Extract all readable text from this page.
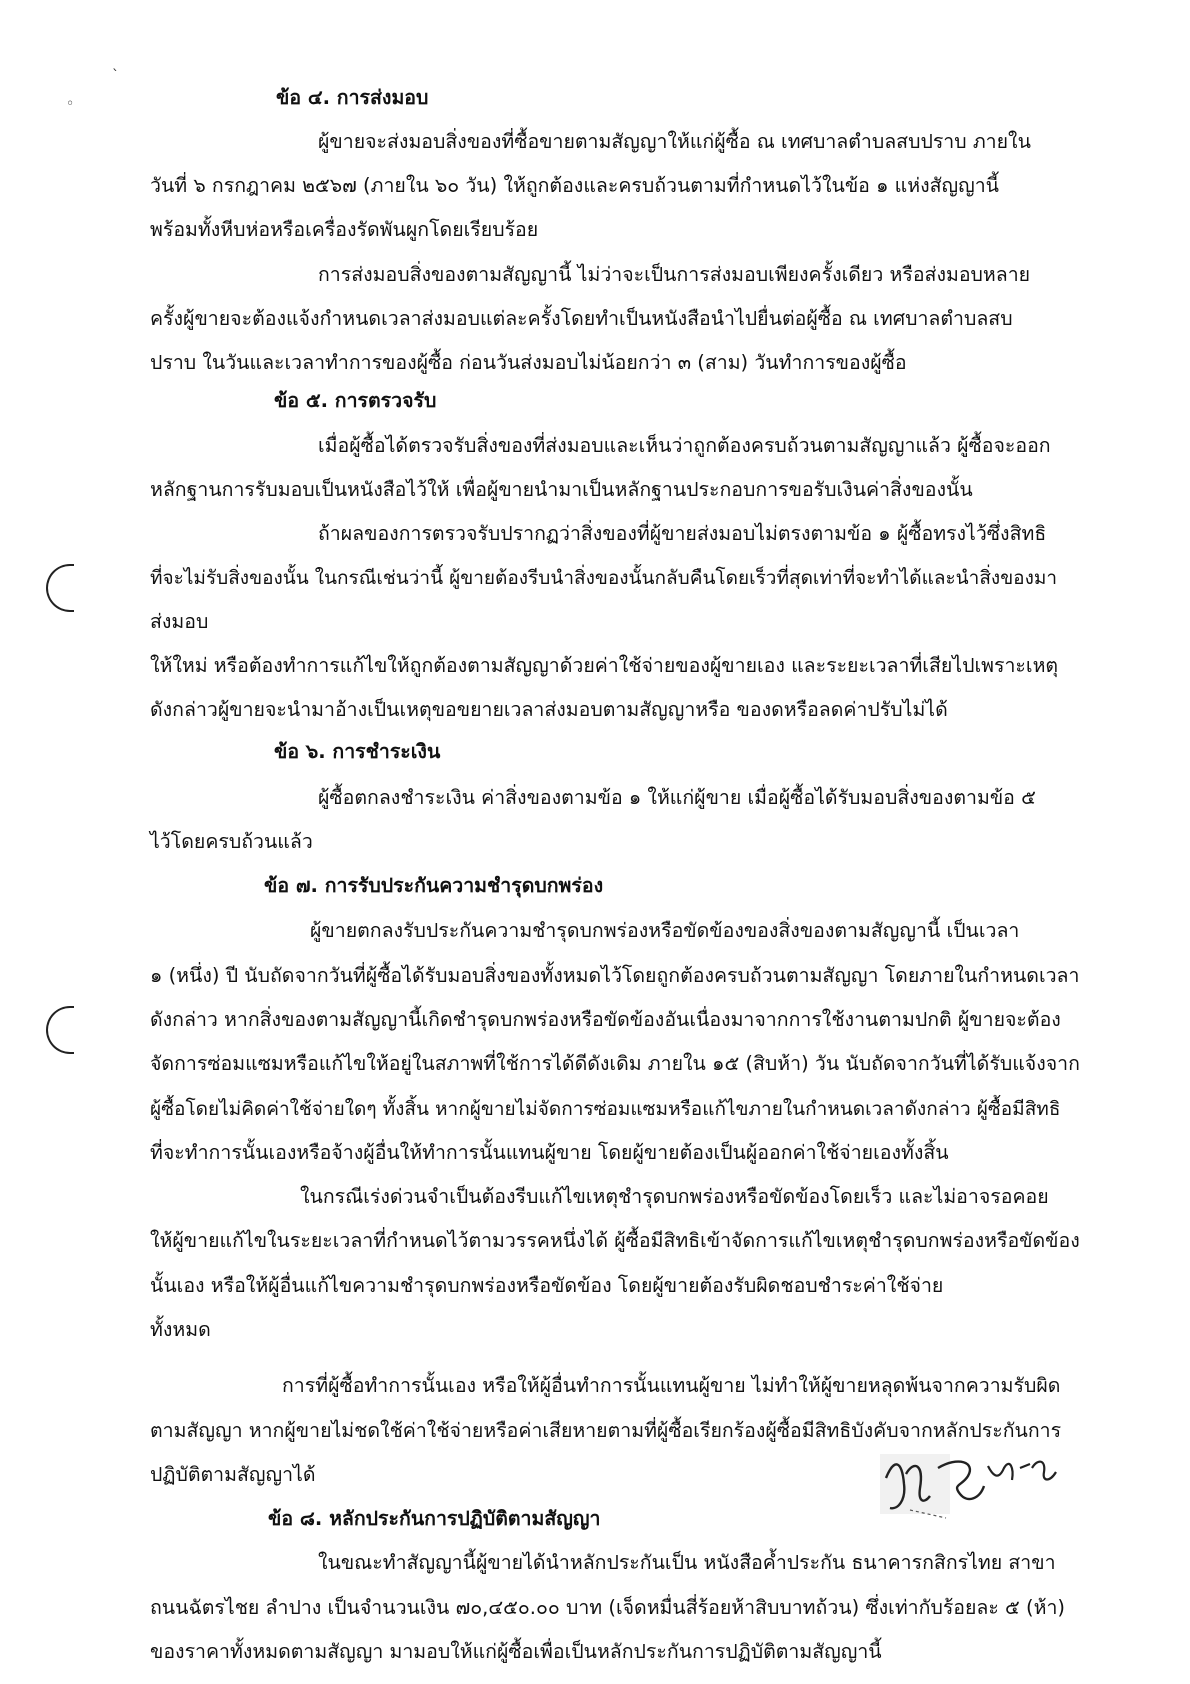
◦
ˋ
ข้อ ๔. การส่งมอบ
ผู้ขายจะส่งมอบสิ่งของที่ซื้อขายตามสัญญาให้แก่ผู้ซื้อ ณ เทศบาลตำบลสบปราบ ภายใน
วันที่ ๖ กรกฎาคม ๒๕๖๗ (ภายใน ๖๐ วัน) ให้ถูกต้องและครบถ้วนตามที่กำหนดไว้ในข้อ ๑ แห่งสัญญานี้
พร้อมทั้งหีบห่อหรือเครื่องรัดพันผูกโดยเรียบร้อย
การส่งมอบสิ่งของตามสัญญานี้ ไม่ว่าจะเป็นการส่งมอบเพียงครั้งเดียว หรือส่งมอบหลาย
ครั้งผู้ขายจะต้องแจ้งกำหนดเวลาส่งมอบแต่ละครั้งโดยทำเป็นหนังสือนำไปยื่นต่อผู้ซื้อ ณ เทศบาลตำบลสบ
ปราบ ในวันและเวลาทำการของผู้ซื้อ ก่อนวันส่งมอบไม่น้อยกว่า ๓ (สาม) วันทำการของผู้ซื้อ
ข้อ ๕. การตรวจรับ
เมื่อผู้ซื้อได้ตรวจรับสิ่งของที่ส่งมอบและเห็นว่าถูกต้องครบถ้วนตามสัญญาแล้ว ผู้ซื้อจะออก
หลักฐานการรับมอบเป็นหนังสือไว้ให้ เพื่อผู้ขายนำมาเป็นหลักฐานประกอบการขอรับเงินค่าสิ่งของนั้น
ถ้าผลของการตรวจรับปรากฏว่าสิ่งของที่ผู้ขายส่งมอบไม่ตรงตามข้อ ๑ ผู้ซื้อทรงไว้ซึ่งสิทธิ
ที่จะไม่รับสิ่งของนั้น ในกรณีเช่นว่านี้ ผู้ขายต้องรีบนำสิ่งของนั้นกลับคืนโดยเร็วที่สุดเท่าที่จะทำได้และนำสิ่งของมา
ส่งมอบ
ให้ใหม่ หรือต้องทำการแก้ไขให้ถูกต้องตามสัญญาด้วยค่าใช้จ่ายของผู้ขายเอง และระยะเวลาที่เสียไปเพราะเหตุ
ดังกล่าวผู้ขายจะนำมาอ้างเป็นเหตุขอขยายเวลาส่งมอบตามสัญญาหรือ ของดหรือลดค่าปรับไม่ได้
ข้อ ๖. การชำระเงิน
ผู้ซื้อตกลงชำระเงิน ค่าสิ่งของตามข้อ ๑ ให้แก่ผู้ขาย เมื่อผู้ซื้อได้รับมอบสิ่งของตามข้อ ๕
ไว้โดยครบถ้วนแล้ว
ข้อ ๗. การรับประกันความชำรุดบกพร่อง
ผู้ขายตกลงรับประกันความชำรุดบกพร่องหรือขัดข้องของสิ่งของตามสัญญานี้ เป็นเวลา
๑ (หนึ่ง) ปี นับถัดจากวันที่ผู้ซื้อได้รับมอบสิ่งของทั้งหมดไว้โดยถูกต้องครบถ้วนตามสัญญา โดยภายในกำหนดเวลา
ดังกล่าว หากสิ่งของตามสัญญานี้เกิดชำรุดบกพร่องหรือขัดข้องอันเนื่องมาจากการใช้งานตามปกติ ผู้ขายจะต้อง
จัดการซ่อมแซมหรือแก้ไขให้อยู่ในสภาพที่ใช้การได้ดีดังเดิม ภายใน ๑๕ (สิบห้า) วัน นับถัดจากวันที่ได้รับแจ้งจาก
ผู้ซื้อโดยไม่คิดค่าใช้จ่ายใดๆ ทั้งสิ้น หากผู้ขายไม่จัดการซ่อมแซมหรือแก้ไขภายในกำหนดเวลาดังกล่าว ผู้ซื้อมีสิทธิ
ที่จะทำการนั้นเองหรือจ้างผู้อื่นให้ทำการนั้นแทนผู้ขาย โดยผู้ขายต้องเป็นผู้ออกค่าใช้จ่ายเองทั้งสิ้น
ในกรณีเร่งด่วนจำเป็นต้องรีบแก้ไขเหตุชำรุดบกพร่องหรือขัดข้องโดยเร็ว และไม่อาจรอคอย
ให้ผู้ขายแก้ไขในระยะเวลาที่กำหนดไว้ตามวรรคหนึ่งได้ ผู้ซื้อมีสิทธิเข้าจัดการแก้ไขเหตุชำรุดบกพร่องหรือขัดข้อง
นั้นเอง หรือให้ผู้อื่นแก้ไขความชำรุดบกพร่องหรือขัดข้อง โดยผู้ขายต้องรับผิดชอบชำระค่าใช้จ่าย
ทั้งหมด
การที่ผู้ซื้อทำการนั้นเอง หรือให้ผู้อื่นทำการนั้นแทนผู้ขาย ไม่ทำให้ผู้ขายหลุดพ้นจากความรับผิด
ตามสัญญา หากผู้ขายไม่ชดใช้ค่าใช้จ่ายหรือค่าเสียหายตามที่ผู้ซื้อเรียกร้องผู้ซื้อมีสิทธิบังคับจากหลักประกันการ
ปฏิบัติตามสัญญาได้
ข้อ ๘. หลักประกันการปฏิบัติตามสัญญา
ในขณะทำสัญญานี้ผู้ขายได้นำหลักประกันเป็น หนังสือค้ำประกัน ธนาคารกสิกรไทย สาขา
ถนนฉัตรไชย ลำปาง เป็นจำนวนเงิน ๗๐,๔๕๐.๐๐ บาท (เจ็ดหมื่นสี่ร้อยห้าสิบบาทถ้วน) ซึ่งเท่ากับร้อยละ ๕ (ห้า)
ของราคาทั้งหมดตามสัญญา มามอบให้แก่ผู้ซื้อเพื่อเป็นหลักประกันการปฏิบัติตามสัญญานี้
